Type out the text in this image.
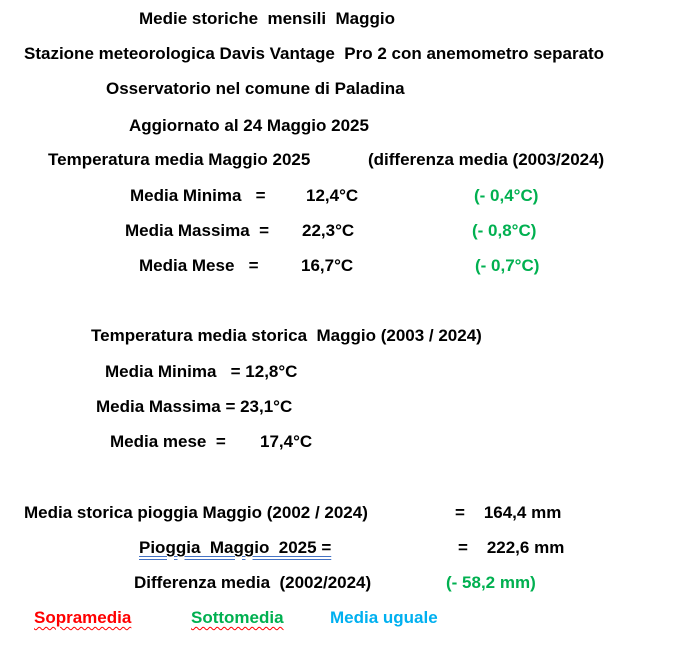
Medie storiche  mensili  Maggio
Stazione meteorologica Davis Vantage  Pro 2 con anemometro separato
Osservatorio nel comune di Paladina
Aggiornato al 24 Maggio 2025
Temperatura media Maggio 2025	(differenza media (2003/2024)
Media Minima   = 12,4°C	(- 0,4°C)
Media Massima  = 22,3°C	(- 0,8°C)
Media Mese   = 16,7°C	(- 0,7°C)
Temperatura media storica  Maggio (2003 / 2024)
Media Minima   = 12,8°C
Media Massima = 23,1°C
Media mese  = 17,4°C
Media storica pioggia Maggio (2002 / 2024)	=    164,4 mm
Pioggia  Maggio  2025 =	=    222,6 mm
Differenza media  (2002/2024)	(- 58,2 mm)
Sopramedia	Sottomedia	Media uguale
